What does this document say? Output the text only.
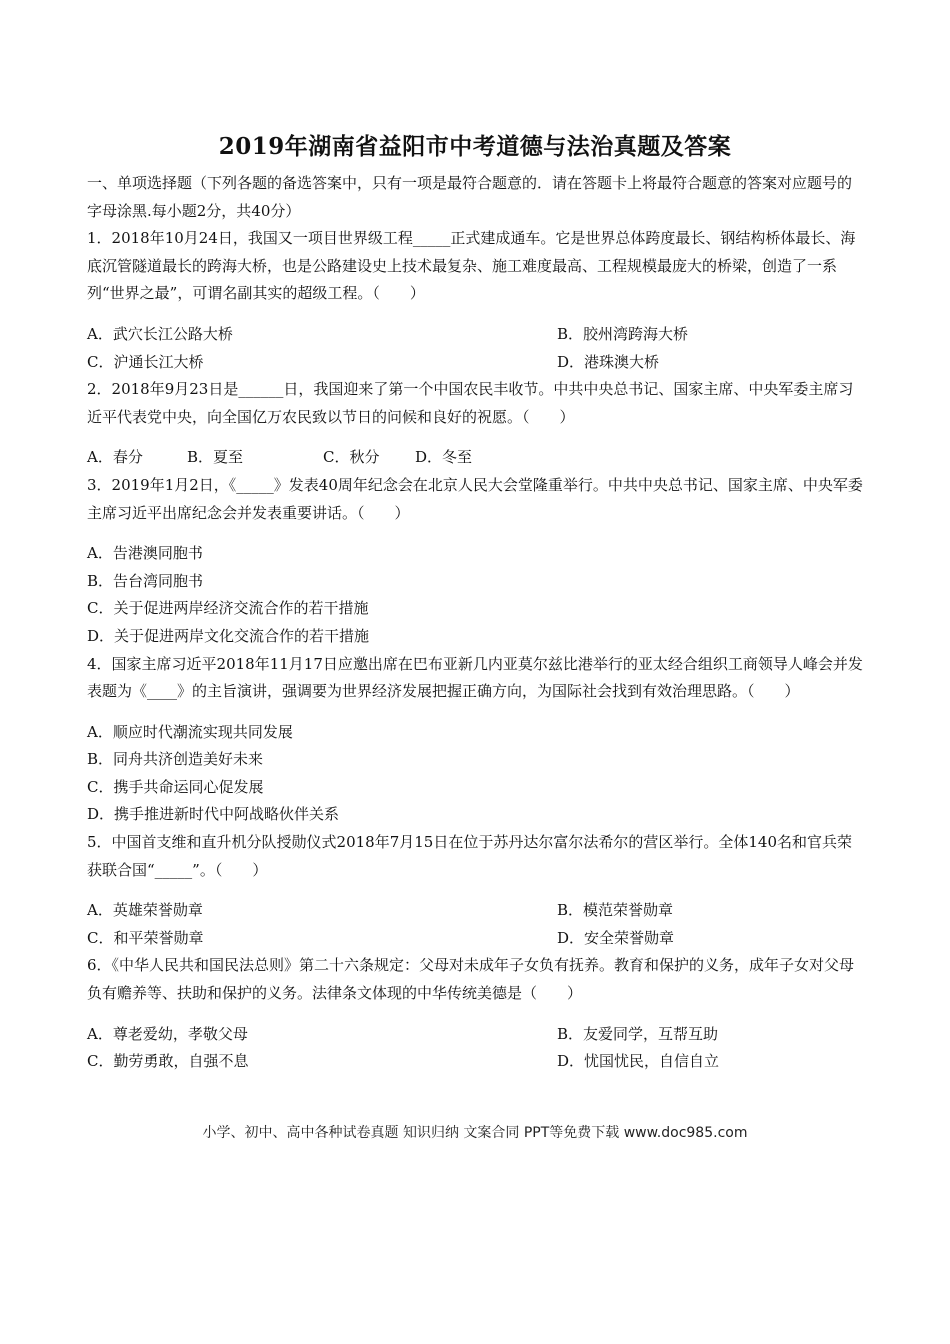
2019年湖南省益阳市中考道德与法治真题及答案

一、单项选择题（下列各题的备选答案中，只有一项是最符合题意的．请在答题卡上将最符合题意的答案对应题号的字母涂黑.每小题2分，共40分）

1．2018年10月24日，我国又一项目世界级工程_____正式建成通车。它是世界总体跨度最长、钢结构桥体最长、海底沉管隧道最长的跨海大桥，也是公路建设史上技术最复杂、施工难度最高、工程规模最庞大的桥梁，创造了一系列“世界之最”，可谓名副其实的超级工程。（　　）

A．武穴长江公路大桥	B．胶州湾跨海大桥
C．沪通长江大桥	D．港珠澳大桥

2．2018年9月23日是______日，我国迎来了第一个中国农民丰收节。中共中央总书记、国家主席、中央军委主席习近平代表党中央，向全国亿万农民致以节日的问候和良好的祝愿。（　　）

A．春分	B．夏至	C．秋分 D．冬至

3．2019年1月2日，《_____》发表40周年纪念会在北京人民大会堂隆重举行。中共中央总书记、国家主席、中央军委主席习近平出席纪念会并发表重要讲话。（　　）

A．告港澳同胞书

B．告台湾同胞书

C．关于促进两岸经济交流合作的若干措施

D．关于促进两岸文化交流合作的若干措施

4．国家主席习近平2018年11月17日应邀出席在巴布亚新几内亚莫尔兹比港举行的亚太经合组织工商领导人峰会并发表题为《____》的主旨演讲，强调要为世界经济发展把握正确方向，为国际社会找到有效治理思路。（　　）

A．顺应时代潮流实现共同发展

B．同舟共济创造美好未来

C．携手共命运同心促发展

D．携手推进新时代中阿战略伙伴关系

5．中国首支维和直升机分队授勋仪式2018年7月15日在位于苏丹达尔富尔法希尔的营区举行。全体140名和官兵荣获联合国“_____”。（　　）

A．英雄荣誉勋章	B．模范荣誉勋章
C．和平荣誉勋章	D．安全荣誉勋章

6．《中华人民共和国民法总则》第二十六条规定：父母对未成年子女负有抚养。教育和保护的义务，成年子女对父母负有赡养等、扶助和保护的义务。法律条文体现的中华传统美德是（　　）

A．尊老爱幼，孝敬父母	B．友爱同学，互帮互助
C．勤劳勇敢，自强不息	D．忧国忧民，自信自立
小学、初中、高中各种试卷真题 知识归纳 文案合同 PPT等免费下载 www.doc985.com
